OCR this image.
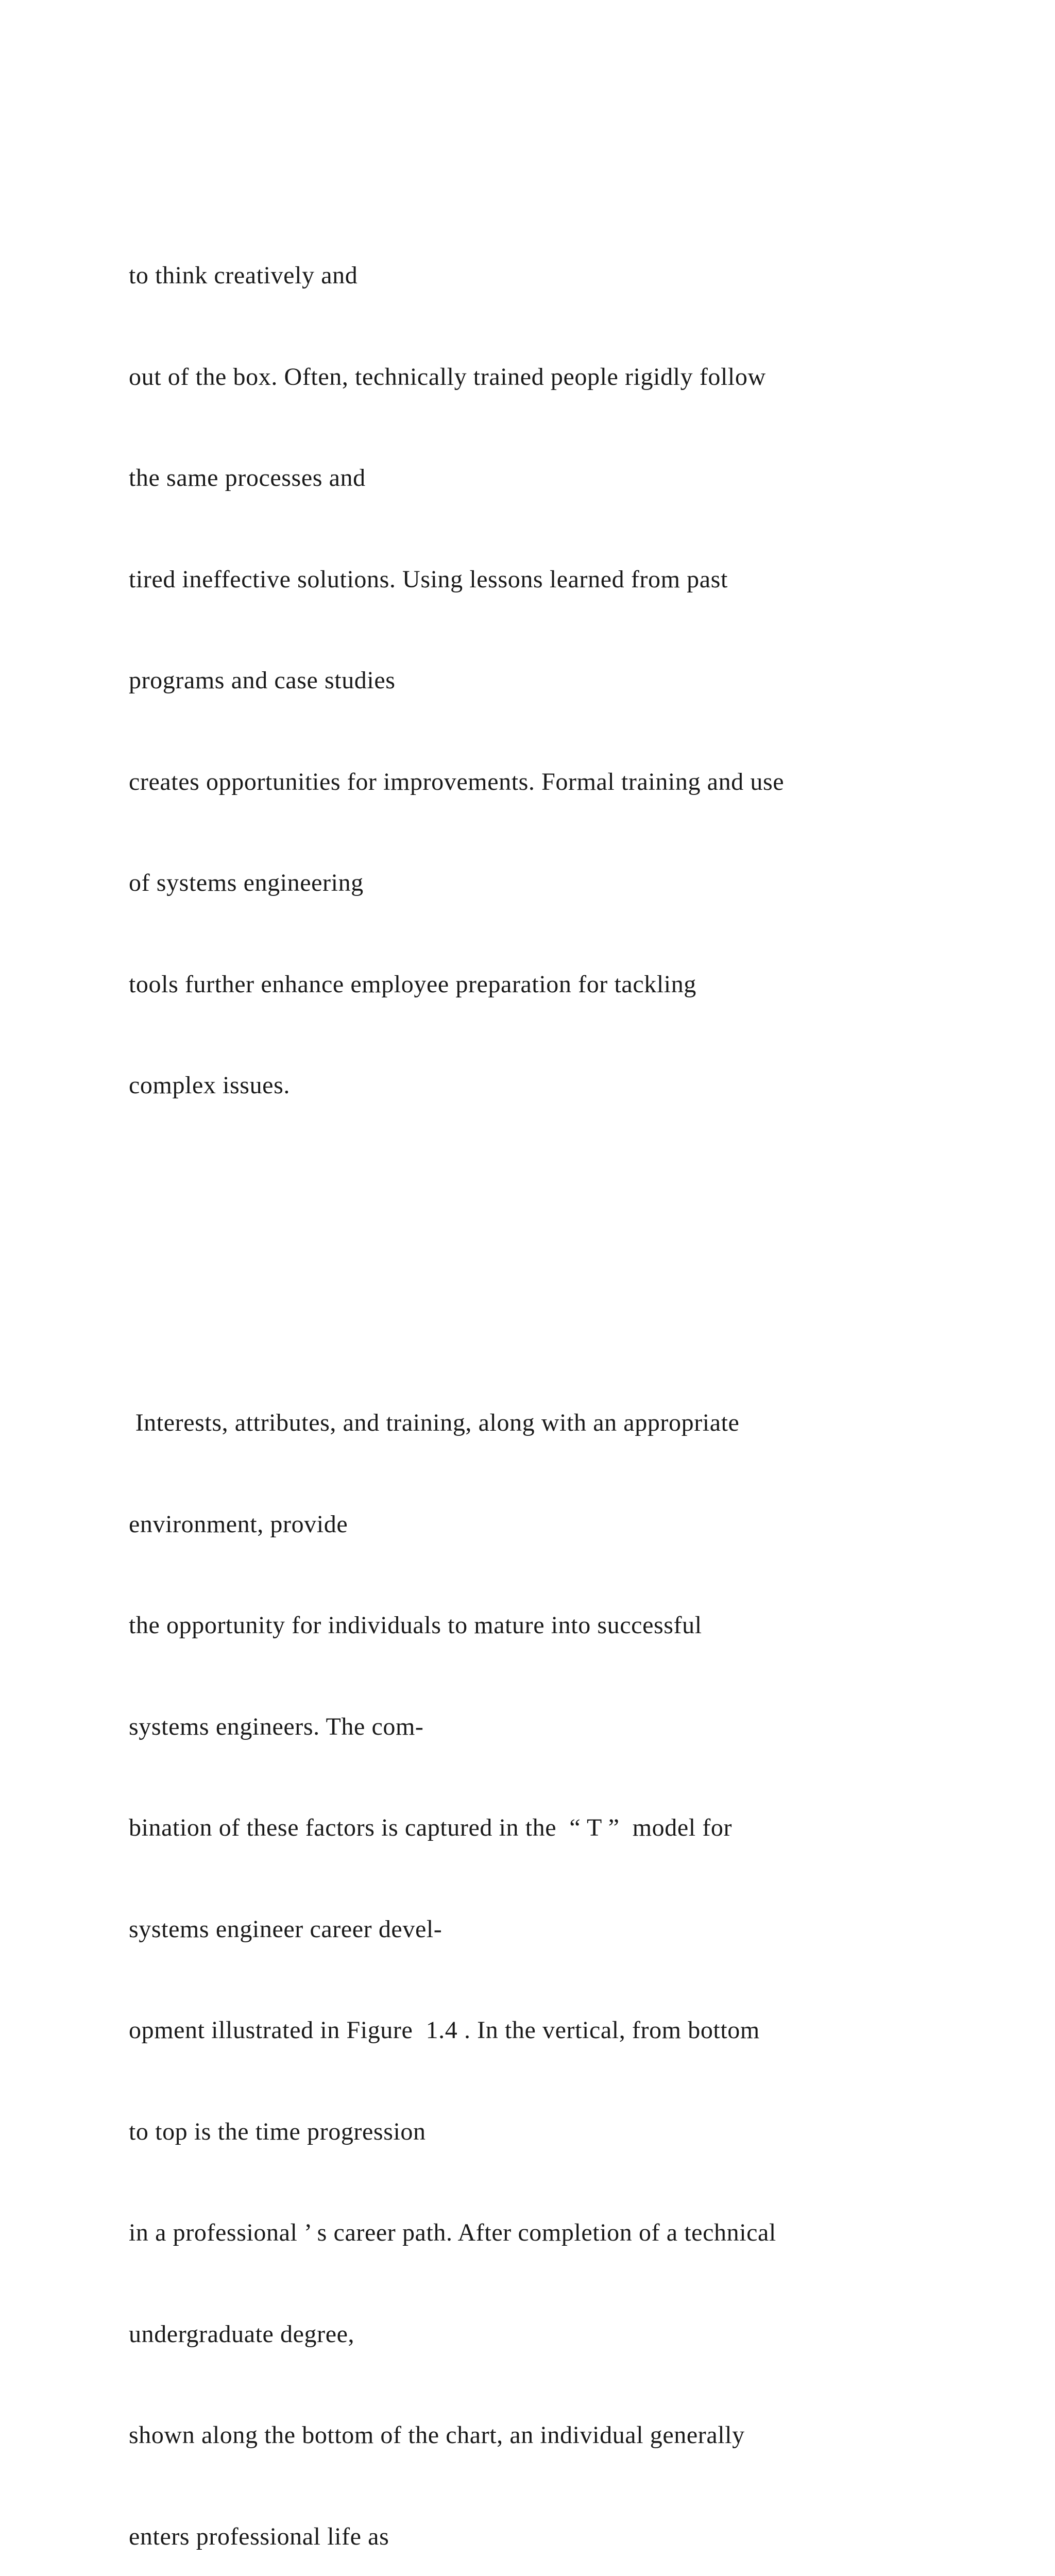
to think creatively and

out of the box. Often, technically trained people rigidly follow

the same processes and

tired ineffective solutions. Using lessons learned from past

programs and case studies

creates opportunities for improvements. Formal training and use

of systems engineering

tools further enhance employee preparation for tackling

complex issues.

Interests, attributes, and training, along with an appropriate

environment, provide

the opportunity for individuals to mature into successful

systems engineers. The com-

bination of these factors is captured in the  “ T ”  model for

systems engineer career devel-

opment illustrated in Figure  1.4 . In the vertical, from bottom

to top is the time progression

in a professional ’ s career path. After completion of a technical

undergraduate degree,

shown along the bottom of the chart, an individual generally

enters professional life as
